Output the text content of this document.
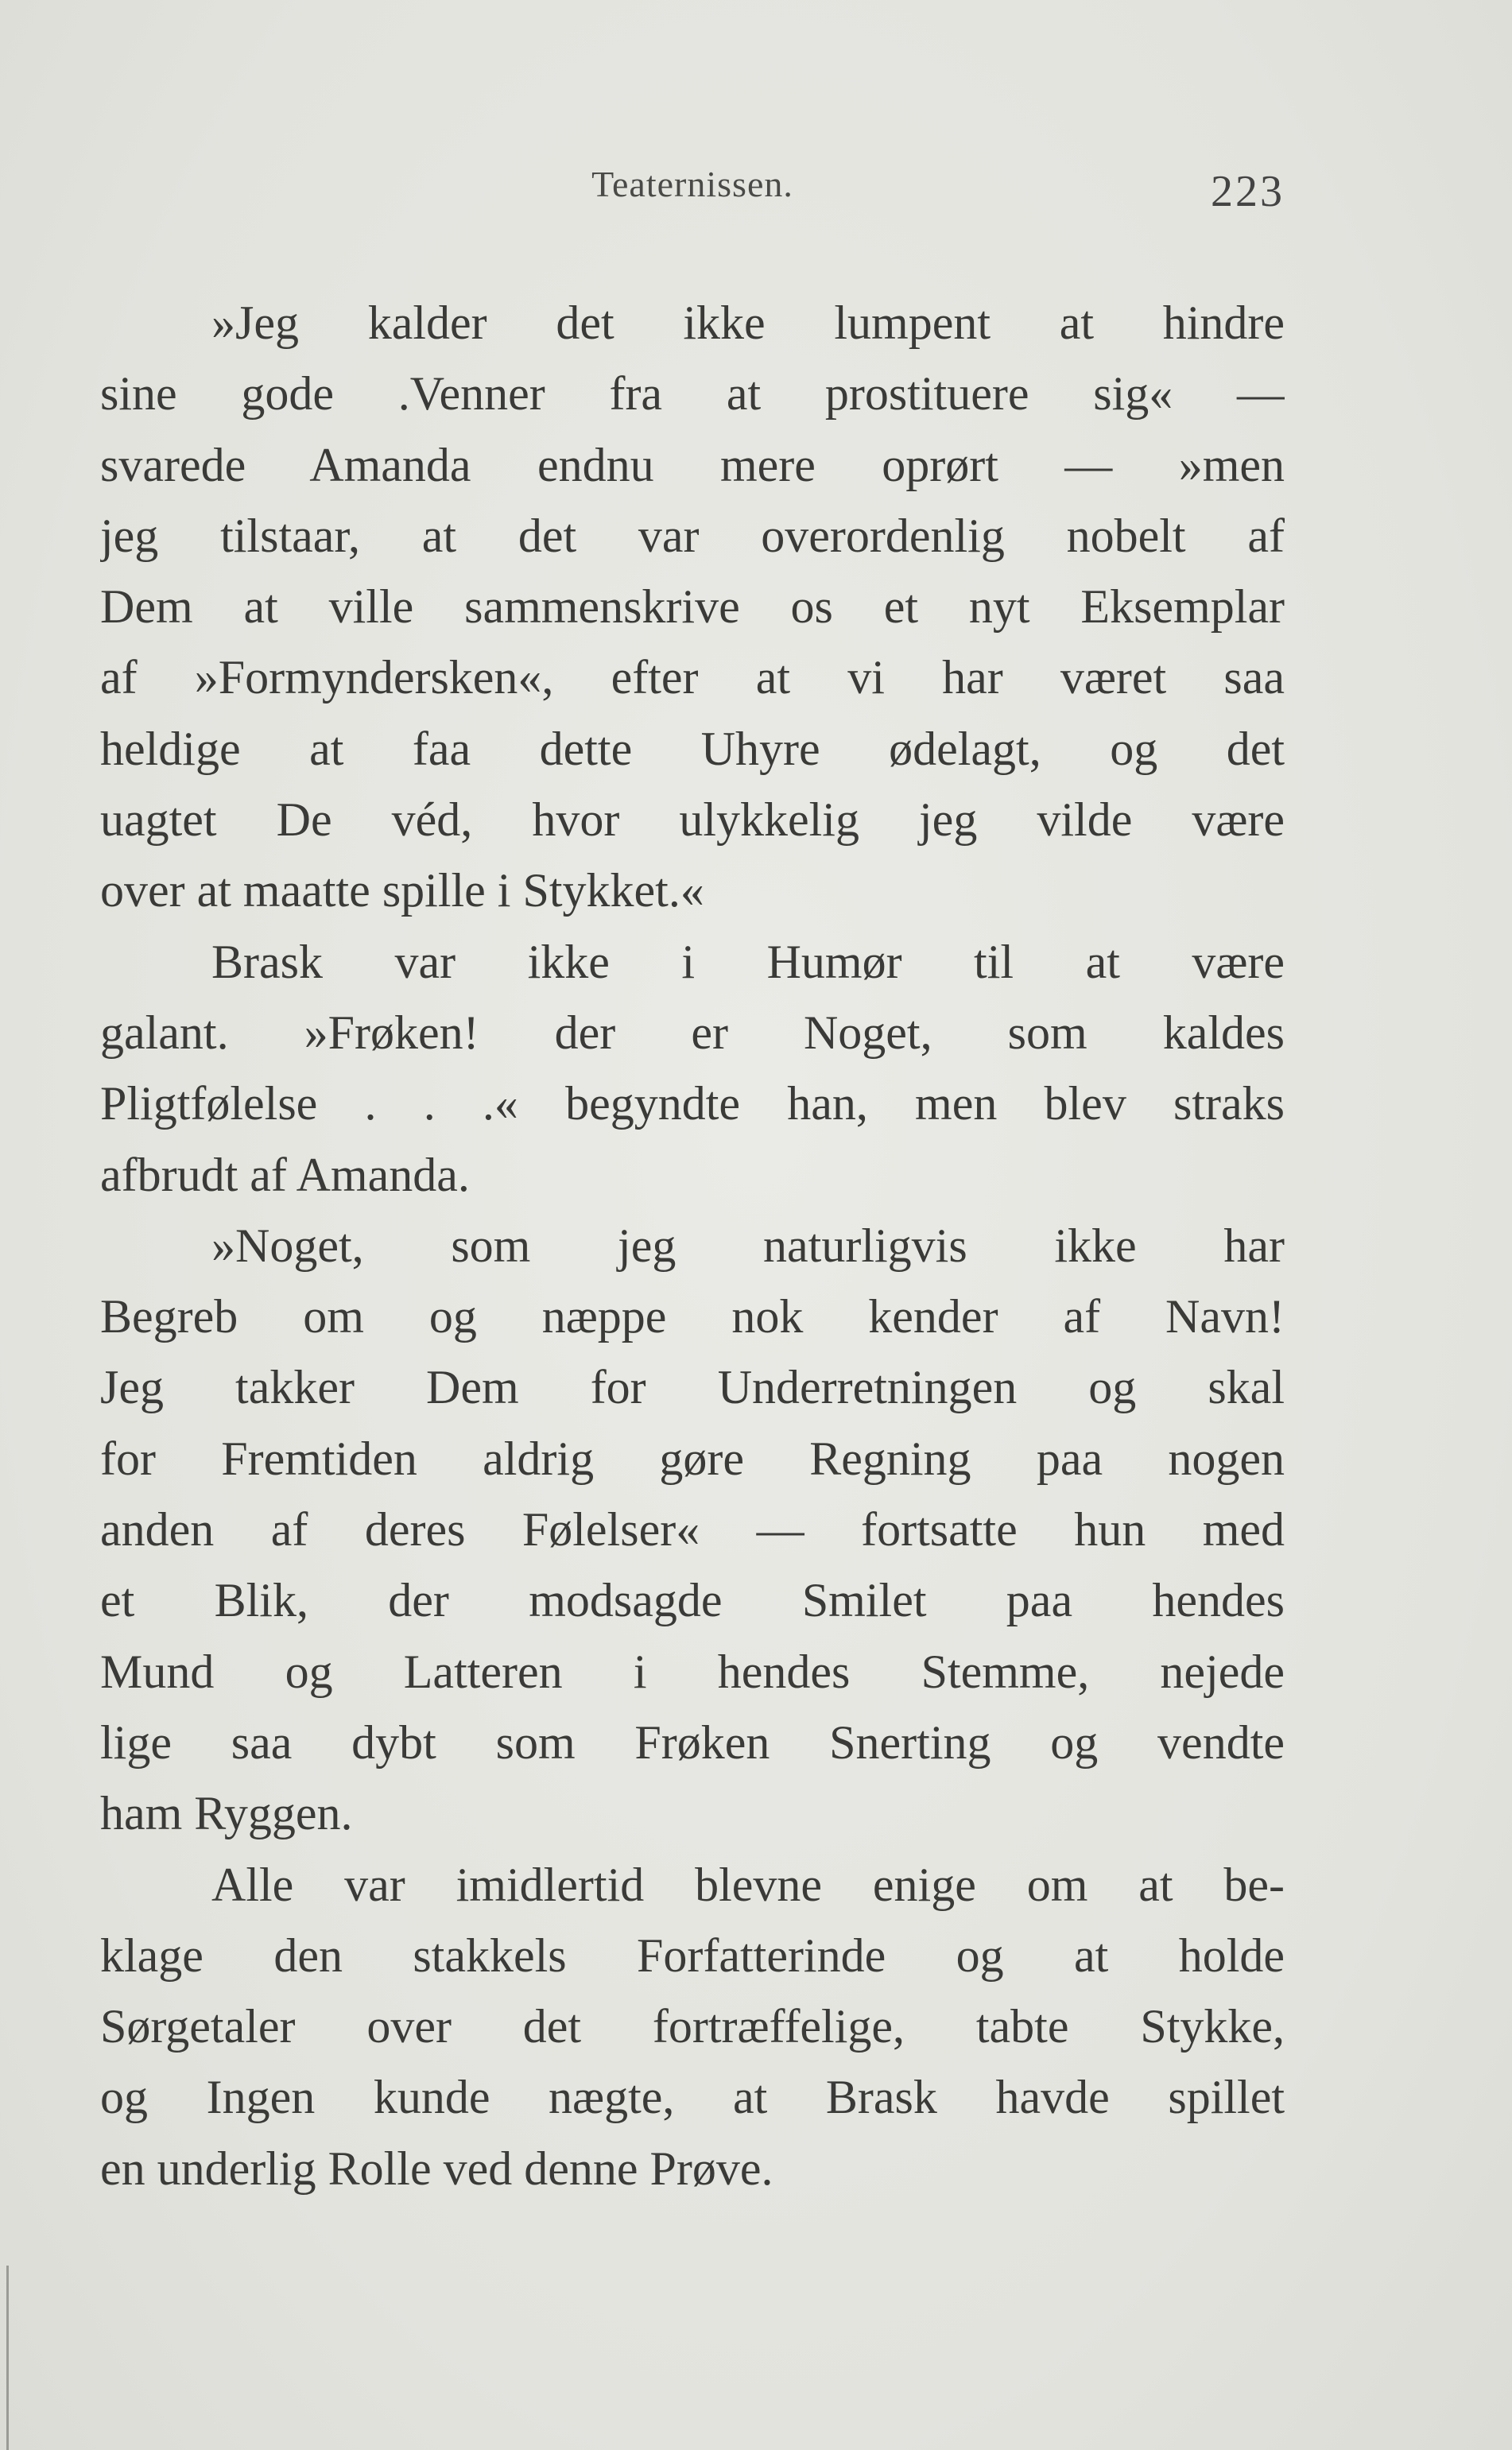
Teaternissen.	223
»Jeg kalder det ikke lumpent at hindre
sine gode .Venner fra at prostituere sig« —
svarede Amanda endnu mere oprørt — »men
jeg tilstaar, at det var overordenlig nobelt af
Dem at ville sammenskrive os et nyt Eksemplar
af »Formyndersken«, efter at vi har været saa
heldige at faa dette Uhyre ødelagt, og det
uagtet De véd, hvor ulykkelig jeg vilde være
over at maatte spille i Stykket.«
Brask var ikke i Humør til at være
galant. »Frøken! der er Noget, som kaldes
Pligtfølelse . . .« begyndte han, men blev straks
afbrudt af Amanda.
»Noget, som jeg naturligvis ikke har
Begreb om og næppe nok kender af Navn!
Jeg takker Dem for Underretningen og skal
for Fremtiden aldrig gøre Regning paa nogen
anden af deres Følelser« — fortsatte hun med
et Blik, der modsagde Smilet paa hendes
Mund og Latteren i hendes Stemme, nejede
lige saa dybt som Frøken Snerting og vendte
ham Ryggen.
Alle var imidlertid blevne enige om at be-
klage den stakkels Forfatterinde og at holde
Sørgetaler over det fortræffelige, tabte Stykke,
og Ingen kunde nægte, at Brask havde spillet
en underlig Rolle ved denne Prøve.
